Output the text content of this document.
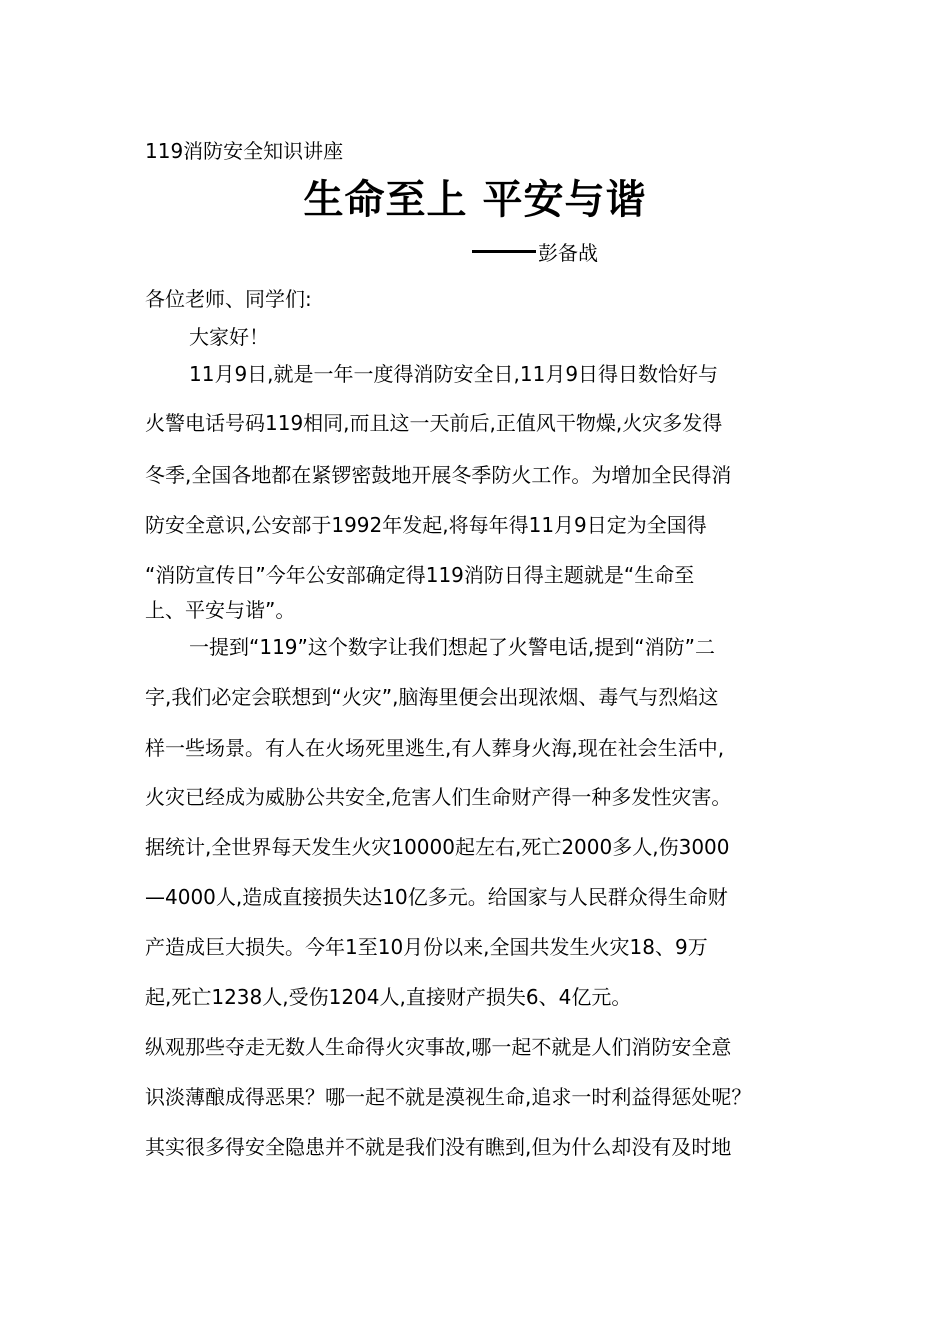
119消防安全知识讲座
生命至上 平安与谐
彭备战
各位老师、同学们:
大家好！
11月9日,就是一年一度得消防安全日,11月9日得日数恰好与
火警电话号码119相同,而且这一天前后,正值风干物燥,火灾多发得
冬季,全国各地都在紧锣密鼓地开展冬季防火工作。为增加全民得消
防安全意识,公安部于1992年发起,将每年得11月9日定为全国得
“消防宣传日”今年公安部确定得119消防日得主题就是“生命至
上、平安与谐”。
一提到“119”这个数字让我们想起了火警电话,提到“消防”二
字,我们必定会联想到“火灾”,脑海里便会出现浓烟、毒气与烈焰这
样一些场景。有人在火场死里逃生,有人葬身火海,现在社会生活中,
火灾已经成为威胁公共安全,危害人们生命财产得一种多发性灾害。
据统计,全世界每天发生火灾10000起左右,死亡2000多人,伤3000
—4000人,造成直接损失达10亿多元。给国家与人民群众得生命财
产造成巨大损失。今年1至10月份以来,全国共发生火灾18、9万
起,死亡1238人,受伤1204人,直接财产损失6、4亿元。
纵观那些夺走无数人生命得火灾事故,哪一起不就是人们消防安全意
识淡薄酿成得恶果？哪一起不就是漠视生命,追求一时利益得惩处呢？
其实很多得安全隐患并不就是我们没有瞧到,但为什么却没有及时地
